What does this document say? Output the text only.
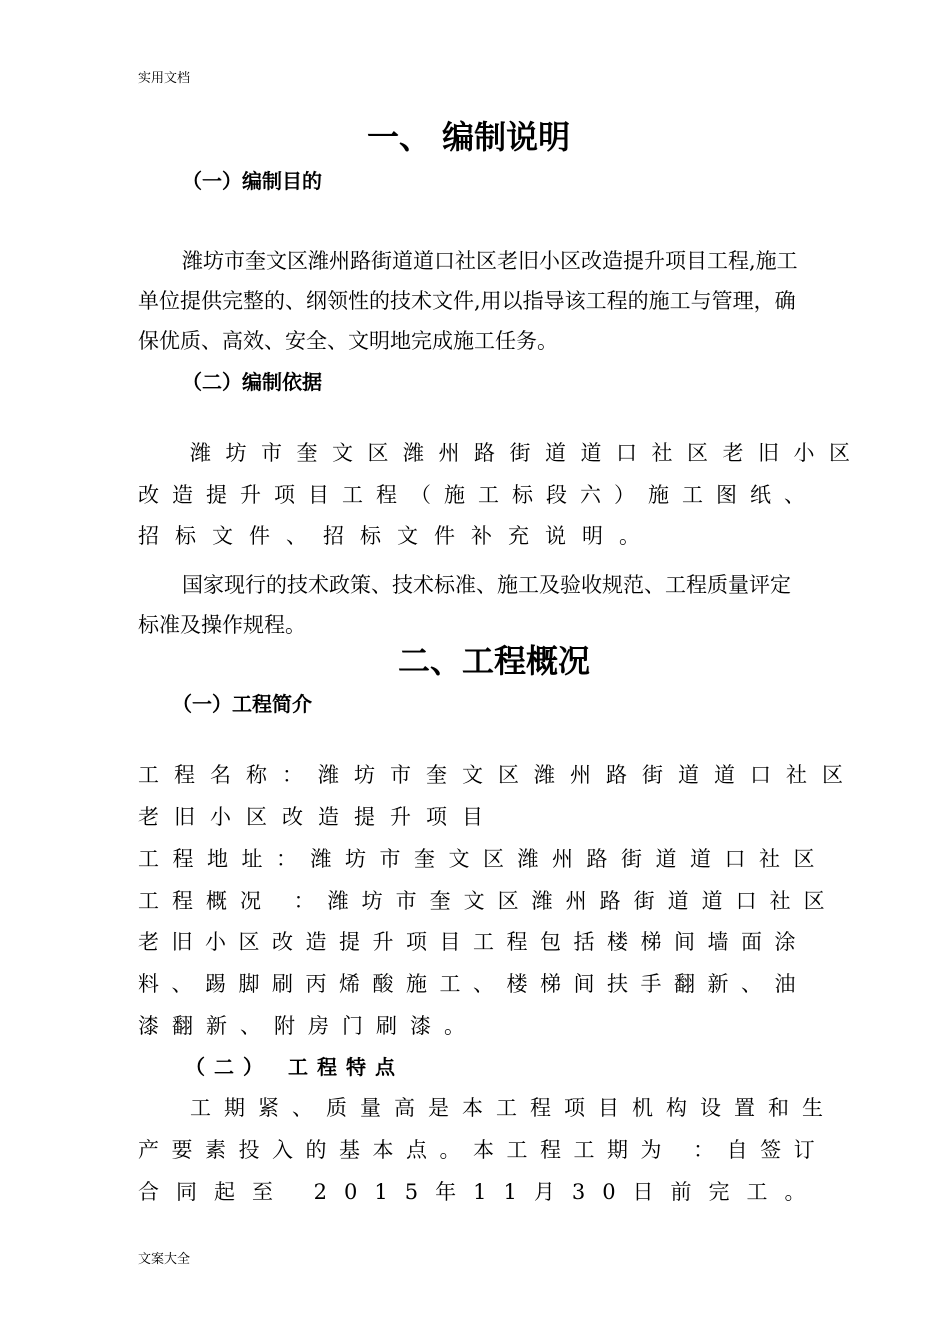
实用文档
一、 编制说明
（一）编制目的
潍坊市奎文区潍州路街道道口社区老旧小区改造提升项目工程,施工
单位提供完整的、纲领性的技术文件,用以指导该工程的施工与管理，确
保优质、高效、安全、文明地完成施工任务。
（二）编制依据
潍坊市奎文区潍州路街道道口社区老旧小区
改造提升项目工程（施工标段六）施工图纸、
招标文件、招标文件补充说明。
国家现行的技术政策、技术标准、施工及验收规范、工程质量评定
标准及操作规程。
二、工程概况
（一）工程简介
工程名称：潍坊市奎文区潍州路街道道口社区
老旧小区改造提升项目
工程地址：潍坊市奎文区潍州路街道道口社区
工程概况 ：潍坊市奎文区潍州路街道道口社区
老旧小区改造提升项目工程包括楼梯间墙面涂
料、踢脚刷丙烯酸施工、楼梯间扶手翻新、油
漆翻新、附房门刷漆。
（二） 工程特点
工期紧、质量高是本工程项目机构设置和生
产要素投入的基本点。本工程工期为 ：自签订
合同起至 2015年11月30日前完工。
文案大全
